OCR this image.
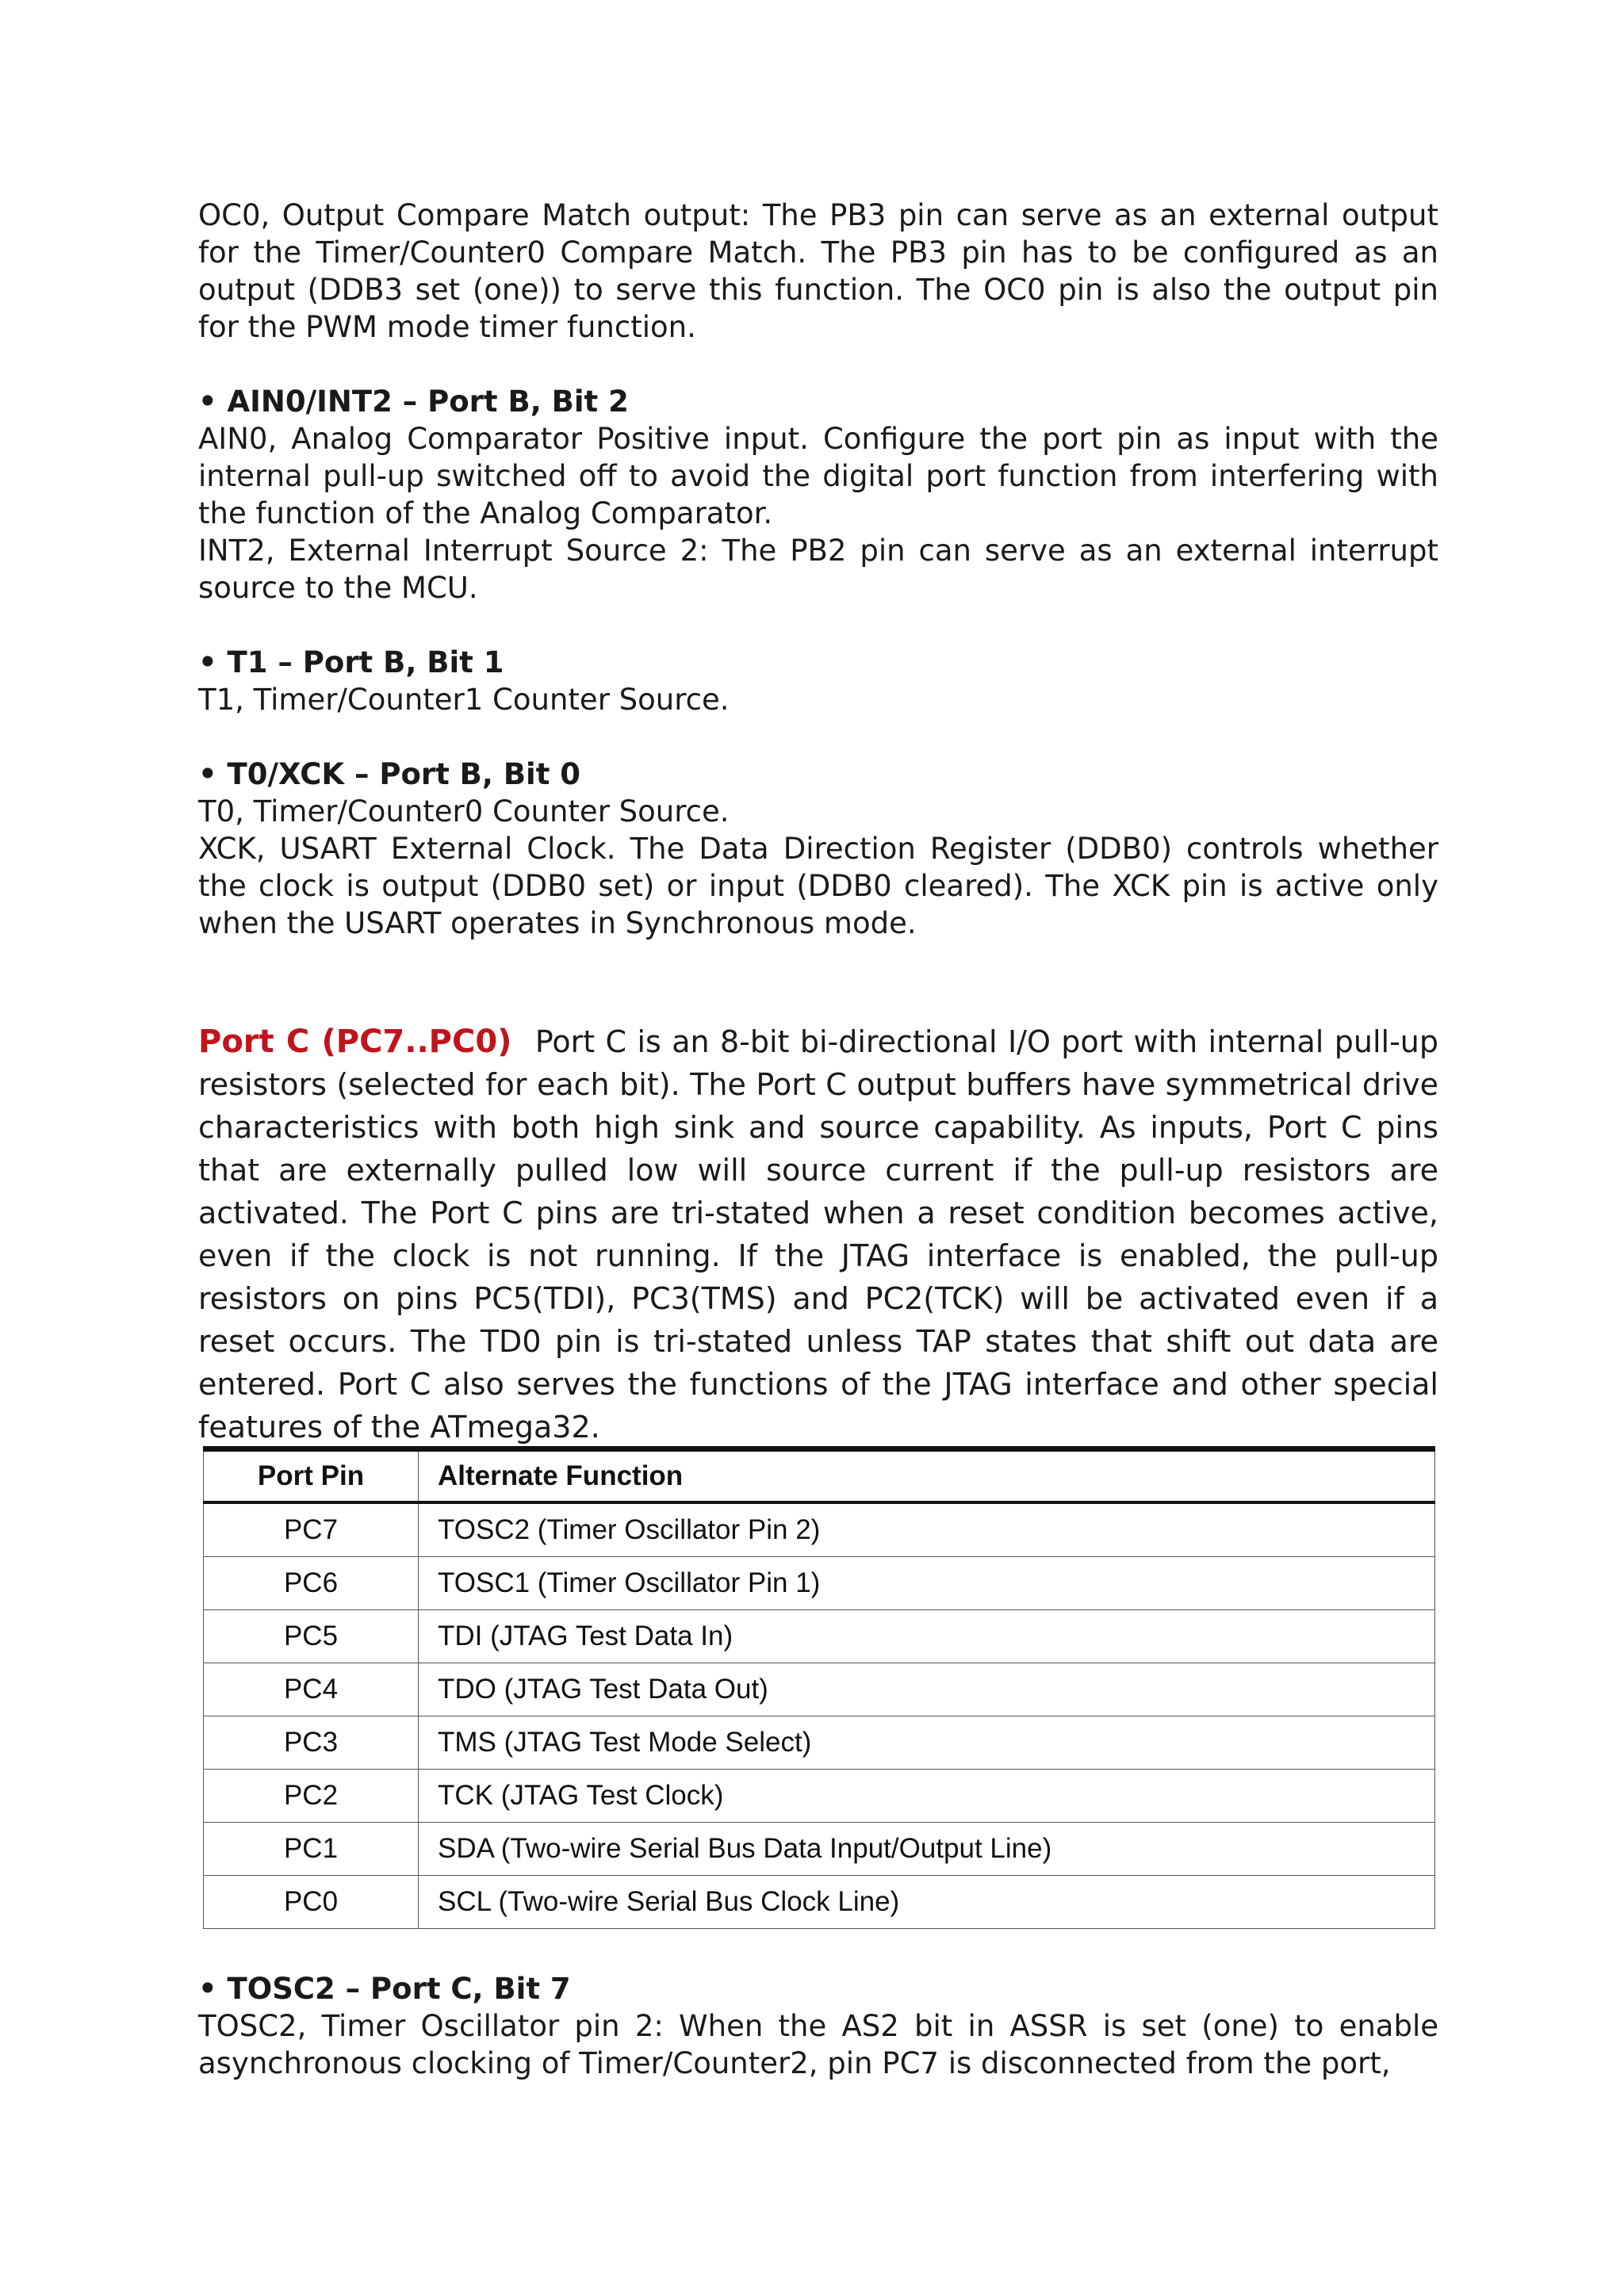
OC0, Output Compare Match output: The PB3 pin can serve as an external output for the Timer/Counter0 Compare Match. The PB3 pin has to be configured as an output (DDB3 set (one)) to serve this function. The OC0 pin is also the output pin for the PWM mode timer function.

• AIN0/INT2 – Port B, Bit 2

AIN0, Analog Comparator Positive input. Configure the port pin as input with the internal pull-up switched off to avoid the digital port function from interfering with the function of the Analog Comparator.

INT2, External Interrupt Source 2: The PB2 pin can serve as an external interrupt source to the MCU.

• T1 – Port B, Bit 1

T1, Timer/Counter1 Counter Source.

• T0/XCK – Port B, Bit 0

T0, Timer/Counter0 Counter Source.

XCK, USART External Clock. The Data Direction Register (DDB0) controls whether the clock is output (DDB0 set) or input (DDB0 cleared). The XCK pin is active only when the USART operates in Synchronous mode.

Port C (PC7..PC0) Port C is an 8-bit bi-directional I/O port with internal pull-up resistors (selected for each bit). The Port C output buffers have symmetrical drive characteristics with both high sink and source capability. As inputs, Port C pins that are externally pulled low will source current if the pull-up resistors are activated. The Port C pins are tri-stated when a reset condition becomes active, even if the clock is not running. If the JTAG interface is enabled, the pull-up resistors on pins PC5(TDI), PC3(TMS) and PC2(TCK) will be activated even if a reset occurs. The TD0 pin is tri-stated unless TAP states that shift out data are entered. Port C also serves the functions of the JTAG interface and other special features of the ATmega32.

Port Pin	Alternate Function
PC7	TOSC2 (Timer Oscillator Pin 2)
PC6	TOSC1 (Timer Oscillator Pin 1)
PC5	TDI (JTAG Test Data In)
PC4	TDO (JTAG Test Data Out)
PC3	TMS (JTAG Test Mode Select)
PC2	TCK (JTAG Test Clock)
PC1	SDA (Two-wire Serial Bus Data Input/Output Line)
PC0	SCL (Two-wire Serial Bus Clock Line)

• TOSC2 – Port C, Bit 7

TOSC2, Timer Oscillator pin 2: When the AS2 bit in ASSR is set (one) to enable asynchronous clocking of Timer/Counter2, pin PC7 is disconnected from the port,
